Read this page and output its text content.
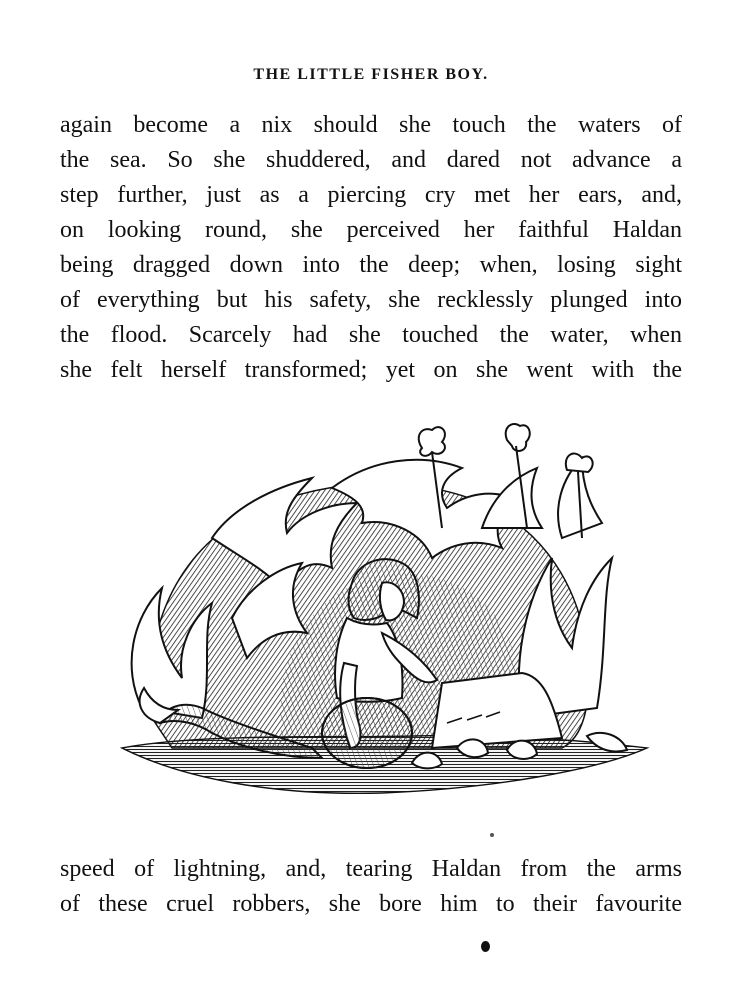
THE LITTLE FISHER BOY.
again become a nix should she touch the waters of
the sea. So she shuddered, and dared not advance a
step further, just as a piercing cry met her ears, and,
on looking round, she perceived her faithful Haldan
being dragged down into the deep; when, losing sight
of everything but his safety, she recklessly plunged into
the flood. Scarcely had she touched the water, when
she felt herself transformed; yet on she went with the
speed of lightning, and, tearing Haldan from the arms
of these cruel robbers, she bore him to their favourite
